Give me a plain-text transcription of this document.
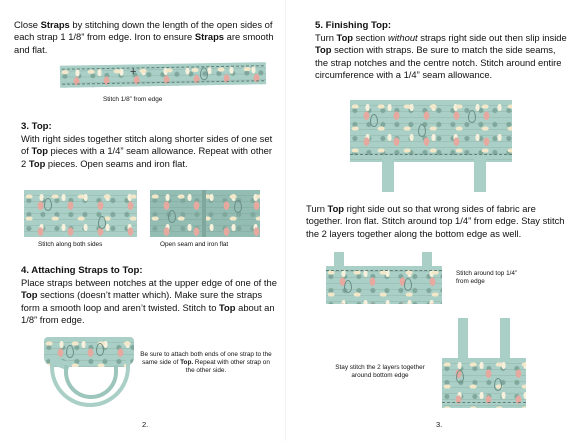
Close Straps by stitching down the length of the open sides of each strap 1 1/8” from edge. Iron to ensure Straps are smooth and flat.

+

Stitch 1/8” from edge

3. Top:

With right sides together stitch along shorter sides of one set of Top pieces with a 1/4” seam allowance. Repeat with other 2 Top pieces. Open seams and iron flat.

Stitch along both sides	Open seam and iron flat

4. Attaching Straps to Top:

Place straps between notches at the upper edge of one of the Top sections (doesn’t matter which). Make sure the straps form a smooth loop and aren’t twisted. Stitch to Top about an 1/8” from edge.

Be sure to attach both ends of one strap to the same side of Top. Repeat with other strap on the other side.

2.

5. Finishing Top:

Turn Top section without straps right side out then slip inside Top section with straps. Be sure to match the side seams, the strap notches and the centre notch. Stitch around entire circumference with a 1/4” seam allowance.

Turn Top right side out so that wrong sides of fabric are together. Iron flat. Stitch around top 1/4” from edge. Stay stitch the 2 layers together along the bottom edge as well.

Stitch around top 1/4” from edge

Stay stitch the 2 layers together around bottom edge

3.
